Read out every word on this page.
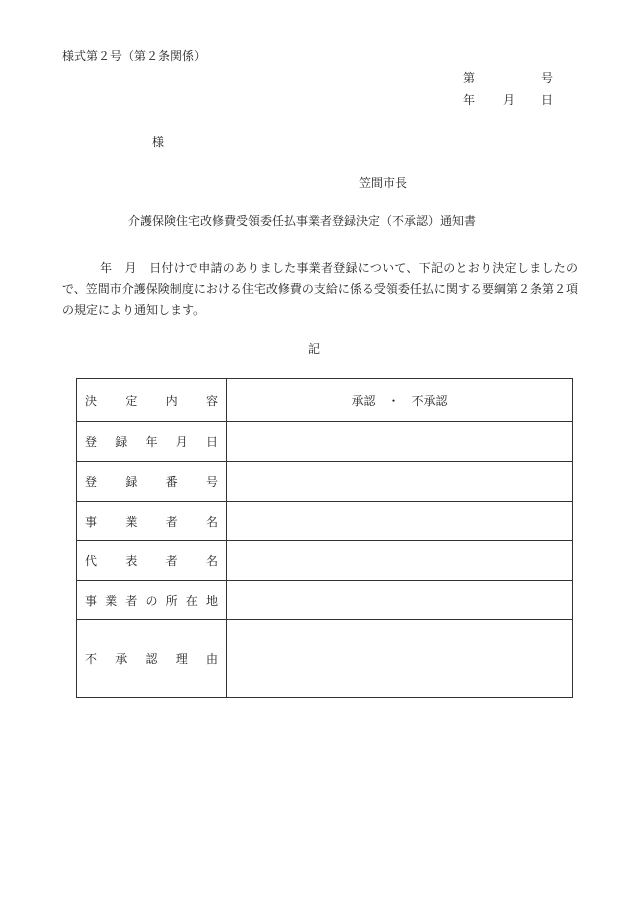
様式第２号（第２条関係）
第	号
年 月 日
様
笠間市長
介護保険住宅改修費受領委任払事業者登録決定（不承認）通知書
年　月　日付けで申請のありました事業者登録について、下記のとおり決定しましたので、笠間市介護保険制度における住宅改修費の支給に係る受領委任払に関する要綱第２条第２項の規定により通知します。
記
決定内容	承認 ・ 不承認
登録年月日	
登録番号	
事業者名	
代表者名	
事業者の所在地	
不承認理由	
